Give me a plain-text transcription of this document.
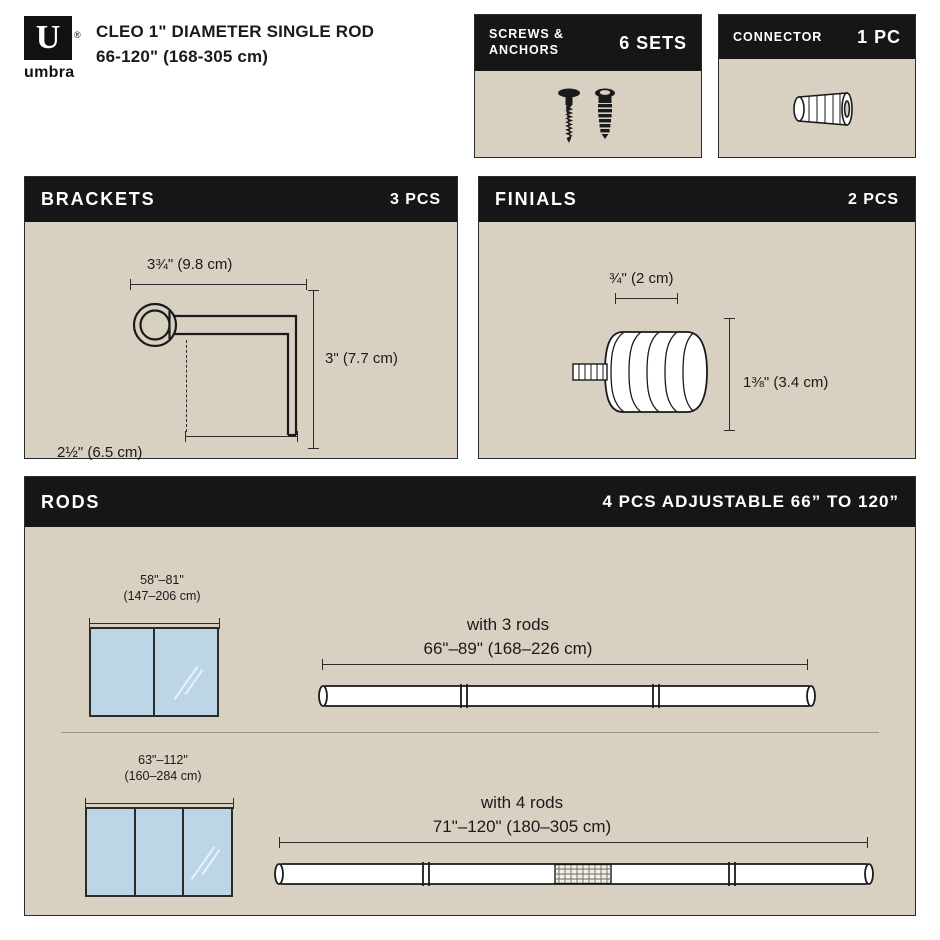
U	®
umbra
CLEO 1" DIAMETER SINGLE ROD
66-120" (168-305 cm)
SCREWS &
ANCHORS	6 SETS	CONNECTOR 1 PC
BRACKETS	3 PCS
3¾" (9.8 cm)
3" (7.7 cm)
2½" (6.5 cm)
FINIALS	2 PCS
¾" (2 cm)
1⅜" (3.4 cm)
RODS	4 PCS ADJUSTABLE 66” TO 120”
58"–81"
(147–206 cm)
with 3 rods
66"–89" (168–226 cm)
63"–112"
(160–284 cm)
with 4 rods
71"–120" (180–305 cm)
